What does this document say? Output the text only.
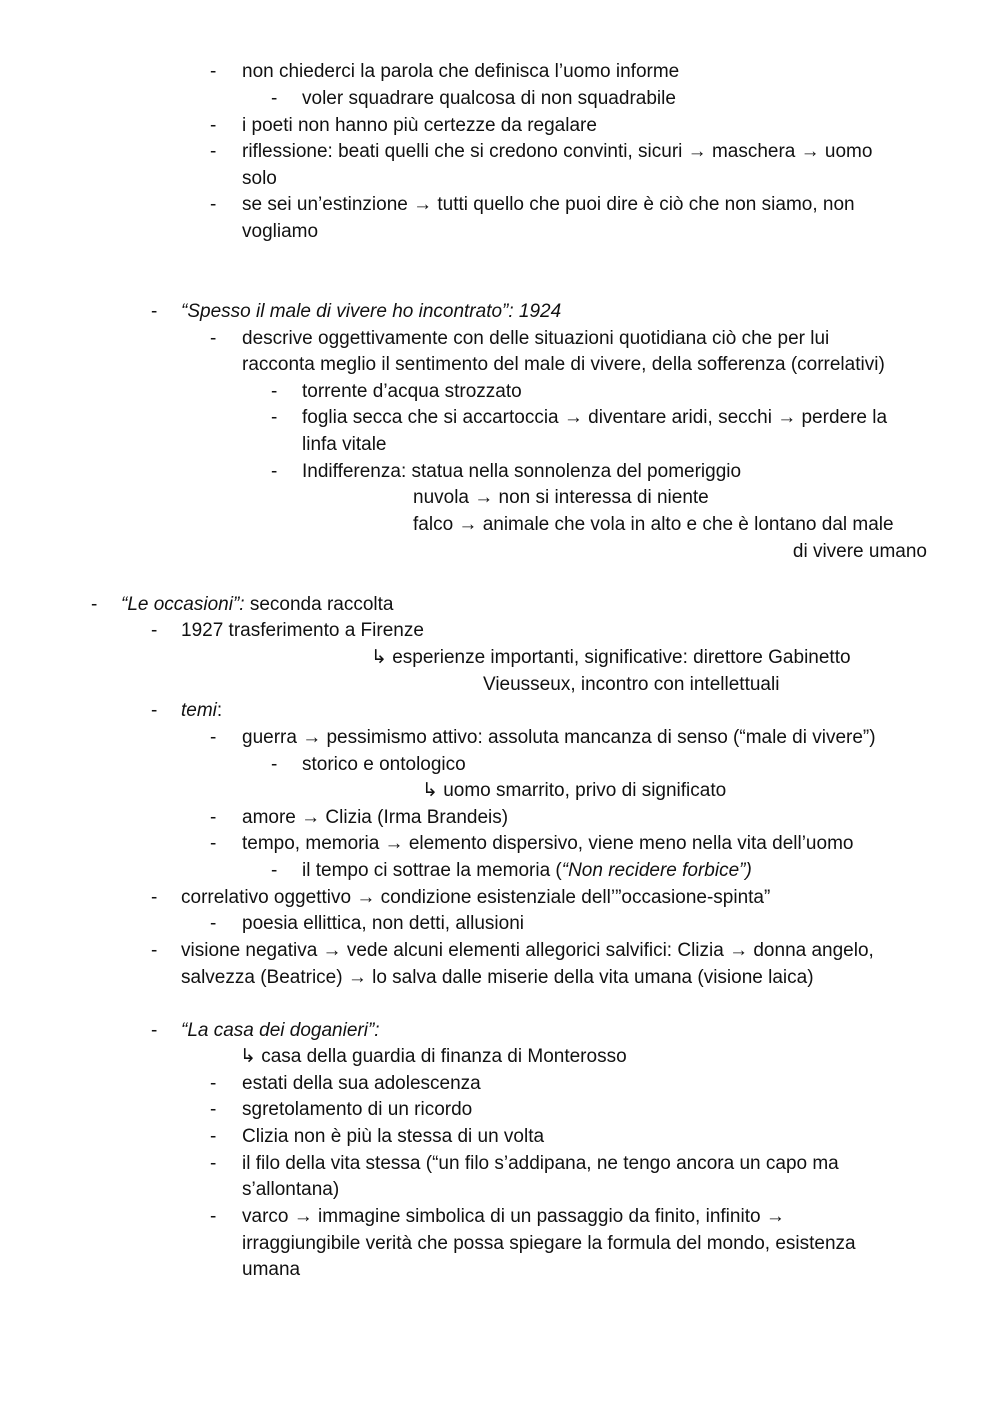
- non chiederci la parola che definisca l’uomo informe
- voler squadrare qualcosa di non squadrabile
- i poeti non hanno più certezze da regalare
- riflessione: beati quelli che si credono convinti, sicuri → maschera → uomo
solo
- se sei un’estinzione → tutti quello che puoi dire è ciò che non siamo, non
vogliamo
- “Spesso il male di vivere ho incontrato”: 1924
- descrive oggettivamente con delle situazioni quotidiana ciò che per lui
racconta meglio il sentimento del male di vivere, della sofferenza (correlativi)
- torrente d’acqua strozzato
- foglia secca che si accartoccia → diventare aridi, secchi → perdere la
linfa vitale
- Indifferenza: statua nella sonnolenza del pomeriggio
nuvola → non si interessa di niente
falco → animale che vola in alto e che è lontano dal male
di vivere umano
- “Le occasioni”: seconda raccolta
- 1927 trasferimento a Firenze
↳ esperienze importanti, significative: direttore Gabinetto
Vieusseux, incontro con intellettuali
- temi:
- guerra → pessimismo attivo: assoluta mancanza di senso (“male di vivere”)
- storico e ontologico
↳ uomo smarrito, privo di significato
- amore → Clizia (Irma Brandeis)
- tempo, memoria → elemento dispersivo, viene meno nella vita dell’uomo
- il tempo ci sottrae la memoria (“Non recidere forbice”)
- correlativo oggettivo → condizione esistenziale dell’”occasione-spinta”
- poesia ellittica, non detti, allusioni
- visione negativa → vede alcuni elementi allegorici salvifici: Clizia → donna angelo,
salvezza (Beatrice) → lo salva dalle miserie della vita umana (visione laica)
- “La casa dei doganieri”:
↳ casa della guardia di finanza di Monterosso
- estati della sua adolescenza
- sgretolamento di un ricordo
- Clizia non è più la stessa di un volta
- il filo della vita stessa (“un filo s’addipana, ne tengo ancora un capo ma
s’allontana)
- varco → immagine simbolica di un passaggio da finito, infinito →
irraggiungibile verità che possa spiegare la formula del mondo, esistenza
umana
